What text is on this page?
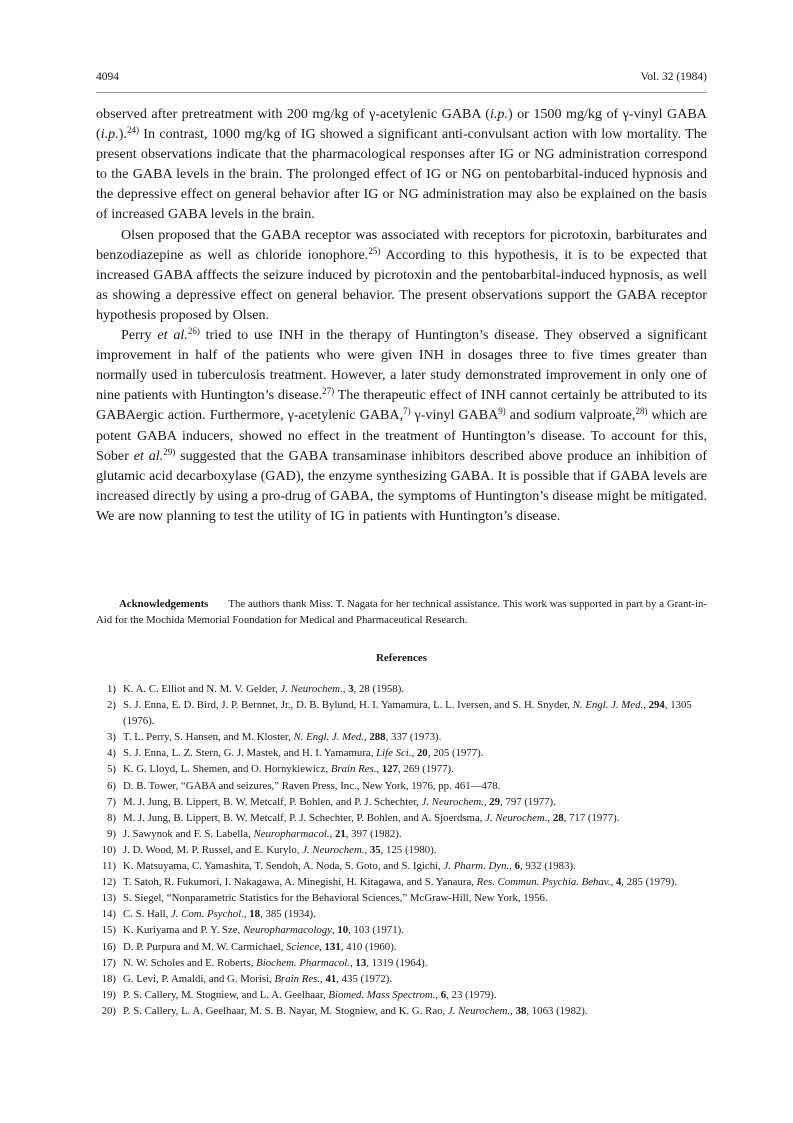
4094	Vol. 32 (1984)

observed after pretreatment with 200 mg/kg of γ-acetylenic GABA (i.p.) or 1500 mg/kg of γ-vinyl GABA (i.p.).$^{24)}$ In contrast, 1000 mg/kg of IG showed a significant anti-convulsant action with low mortality. The present observations indicate that the pharmacological responses after IG or NG administration correspond to the GABA levels in the brain. The prolonged effect of IG or NG on pentobarbital-induced hypnosis and the depressive effect on general behavior after IG or NG administration may also be explained on the basis of increased GABA levels in the brain.

Olsen proposed that the GABA receptor was associated with receptors for picrotoxin, barbiturates and benzodiazepine as well as chloride ionophore.$^{25)}$ According to this hypothesis, it is to be expected that increased GABA afffects the seizure induced by picrotoxin and the pentobarbital-induced hypnosis, as well as showing a depressive effect on general behavior. The present observations support the GABA receptor hypothesis proposed by Olsen.

Perry et al.$^{26)}$ tried to use INH in the therapy of Huntington’s disease. They observed a significant improvement in half of the patients who were given INH in dosages three to five times greater than normally used in tuberculosis treatment. However, a later study demonstrated improvement in only one of nine patients with Huntington’s disease.$^{27)}$ The therapeutic effect of INH cannot certainly be attributed to its GABAergic action. Furthermore, γ-acetylenic GABA,$^{7)}$ γ-vinyl GABA$^{9)}$ and sodium valproate,$^{28)}$ which are potent GABA inducers, showed no effect in the treatment of Huntington’s disease. To account for this, Sober et al.$^{29)}$ suggested that the GABA transaminase inhibitors described above produce an inhibition of glutamic acid decarboxylase (GAD), the enzyme synthesizing GABA. It is possible that if GABA levels are increased directly by using a pro-drug of GABA, the symptoms of Huntington’s disease might be mitigated. We are now planning to test the utility of IG in patients with Huntington’s disease.

Acknowledgements The authors thank Miss. T. Nagata for her technical assistance. This work was supported in part by a Grant-in-Aid for the Mochida Memorial Foundation for Medical and Pharmaceutical Research.
References
1) K. A. C. Elliot and N. M. V. Gelder, J. Neurochem., 3, 28 (1958).
2) S. J. Enna, E. D. Bird, J. P. Bernnet, Jr., D. B. Bylund, H. I. Yamamura, L. L. Iversen, and S. H. Snyder, N. Engl. J. Med., 294, 1305 (1976).
3) T. L. Perry, S. Hansen, and M. Kloster, N. Engl. J. Med., 288, 337 (1973).
4) S. J. Enna, L. Z. Stern, G. J. Mastek, and H. I. Yamamura, Life Sci., 20, 205 (1977).
5) K. G. Lloyd, L. Shemen, and O. Hornykiewicz, Brain Res., 127, 269 (1977).
6) D. B. Tower, “GABA and seizures,” Raven Press, Inc., New York, 1976, pp. 461—478.
7) M. J. Jung, B. Lippert, B. W. Metcalf, P. Bohlen, and P. J. Schechter, J. Neurochem., 29, 797 (1977).
8) M. J. Jung, B. Lippert, B. W. Metcalf, P. J. Schechter, P. Bohlen, and A. Sjoerdsma, J. Neurochem., 28, 717 (1977).
9) J. Sawynok and F. S. Labella, Neuropharmacol., 21, 397 (1982).
10) J. D. Wood, M. P. Russel, and E. Kurylo, J. Neurochem., 35, 125 (1980).
11) K. Matsuyama, C. Yamashita, T. Sendoh, A. Noda, S. Goto, and S. Igichi, J. Pharm. Dyn., 6, 932 (1983).
12) T. Satoh, R. Fukumori, I. Nakagawa, A. Minegishi, H. Kitagawa, and S. Yanaura, Res. Commun. Psychia. Behav., 4, 285 (1979).
13) S. Siegel, “Nonparametric Statistics for the Behavioral Sciences,” McGraw-Hill, New York, 1956.
14) C. S. Hall, J. Com. Psychol., 18, 385 (1934).
15) K. Kuriyama and P. Y. Sze, Neuropharmacology, 10, 103 (1971).
16) D. P. Purpura and M. W. Carmichael, Science, 131, 410 (1960).
17) N. W. Scholes and E. Roberts, Biochem. Pharmacol., 13, 1319 (1964).
18) G. Levi, P. Amaldi, and G. Morisi, Brain Res., 41, 435 (1972).
19) P. S. Callery, M. Stogniew, and L. A. Geelhaar, Biomed. Mass Spectrom., 6, 23 (1979).
20) P. S. Callery, L. A. Geelhaar, M. S. B. Nayar, M. Stogniew, and K. G. Rao, J. Neurochem., 38, 1063 (1982).
